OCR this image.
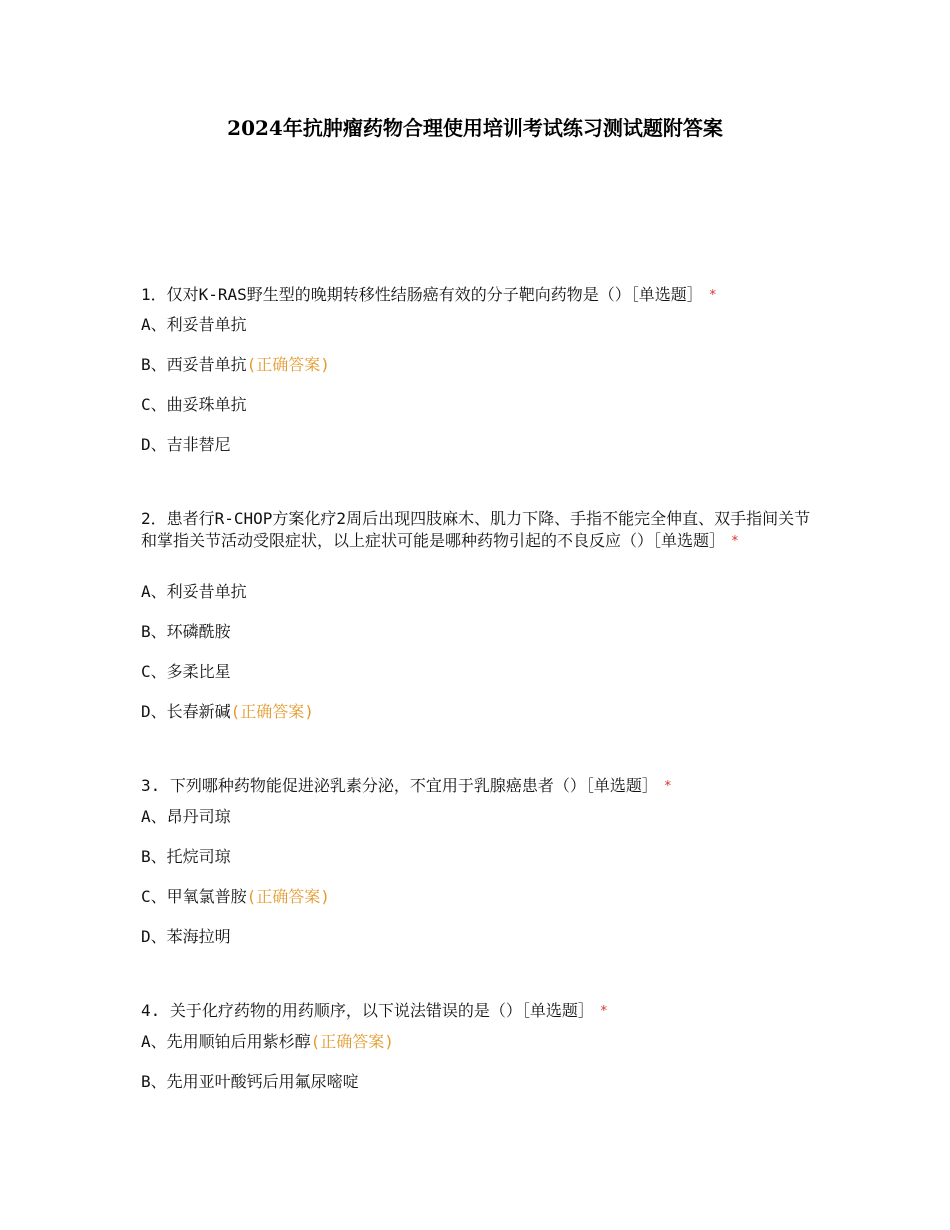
2024年抗肿瘤药物合理使用培训考试练习测试题附答案
1．仅对K-RAS野生型的晚期转移性结肠癌有效的分子靶向药物是（）［单选题］ *
A、利妥昔单抗
B、西妥昔单抗(正确答案)
C、曲妥珠单抗
D、吉非替尼
2．患者行R-CHOP方案化疗2周后出现四肢麻木、肌力下降、手指不能完全伸直、双手指间关节和掌指关节活动受限症状，以上症状可能是哪种药物引起的不良反应（）［单选题］ *
A、利妥昔单抗
B、环磷酰胺
C、多柔比星
D、长春新碱(正确答案)
3. 下列哪种药物能促进泌乳素分泌，不宜用于乳腺癌患者（）［单选题］ *
A、昂丹司琼
B、托烷司琼
C、甲氧氯普胺(正确答案)
D、苯海拉明
4. 关于化疗药物的用药顺序，以下说法错误的是（）［单选题］ *
A、先用顺铂后用紫杉醇(正确答案)
B、先用亚叶酸钙后用氟尿嘧啶
